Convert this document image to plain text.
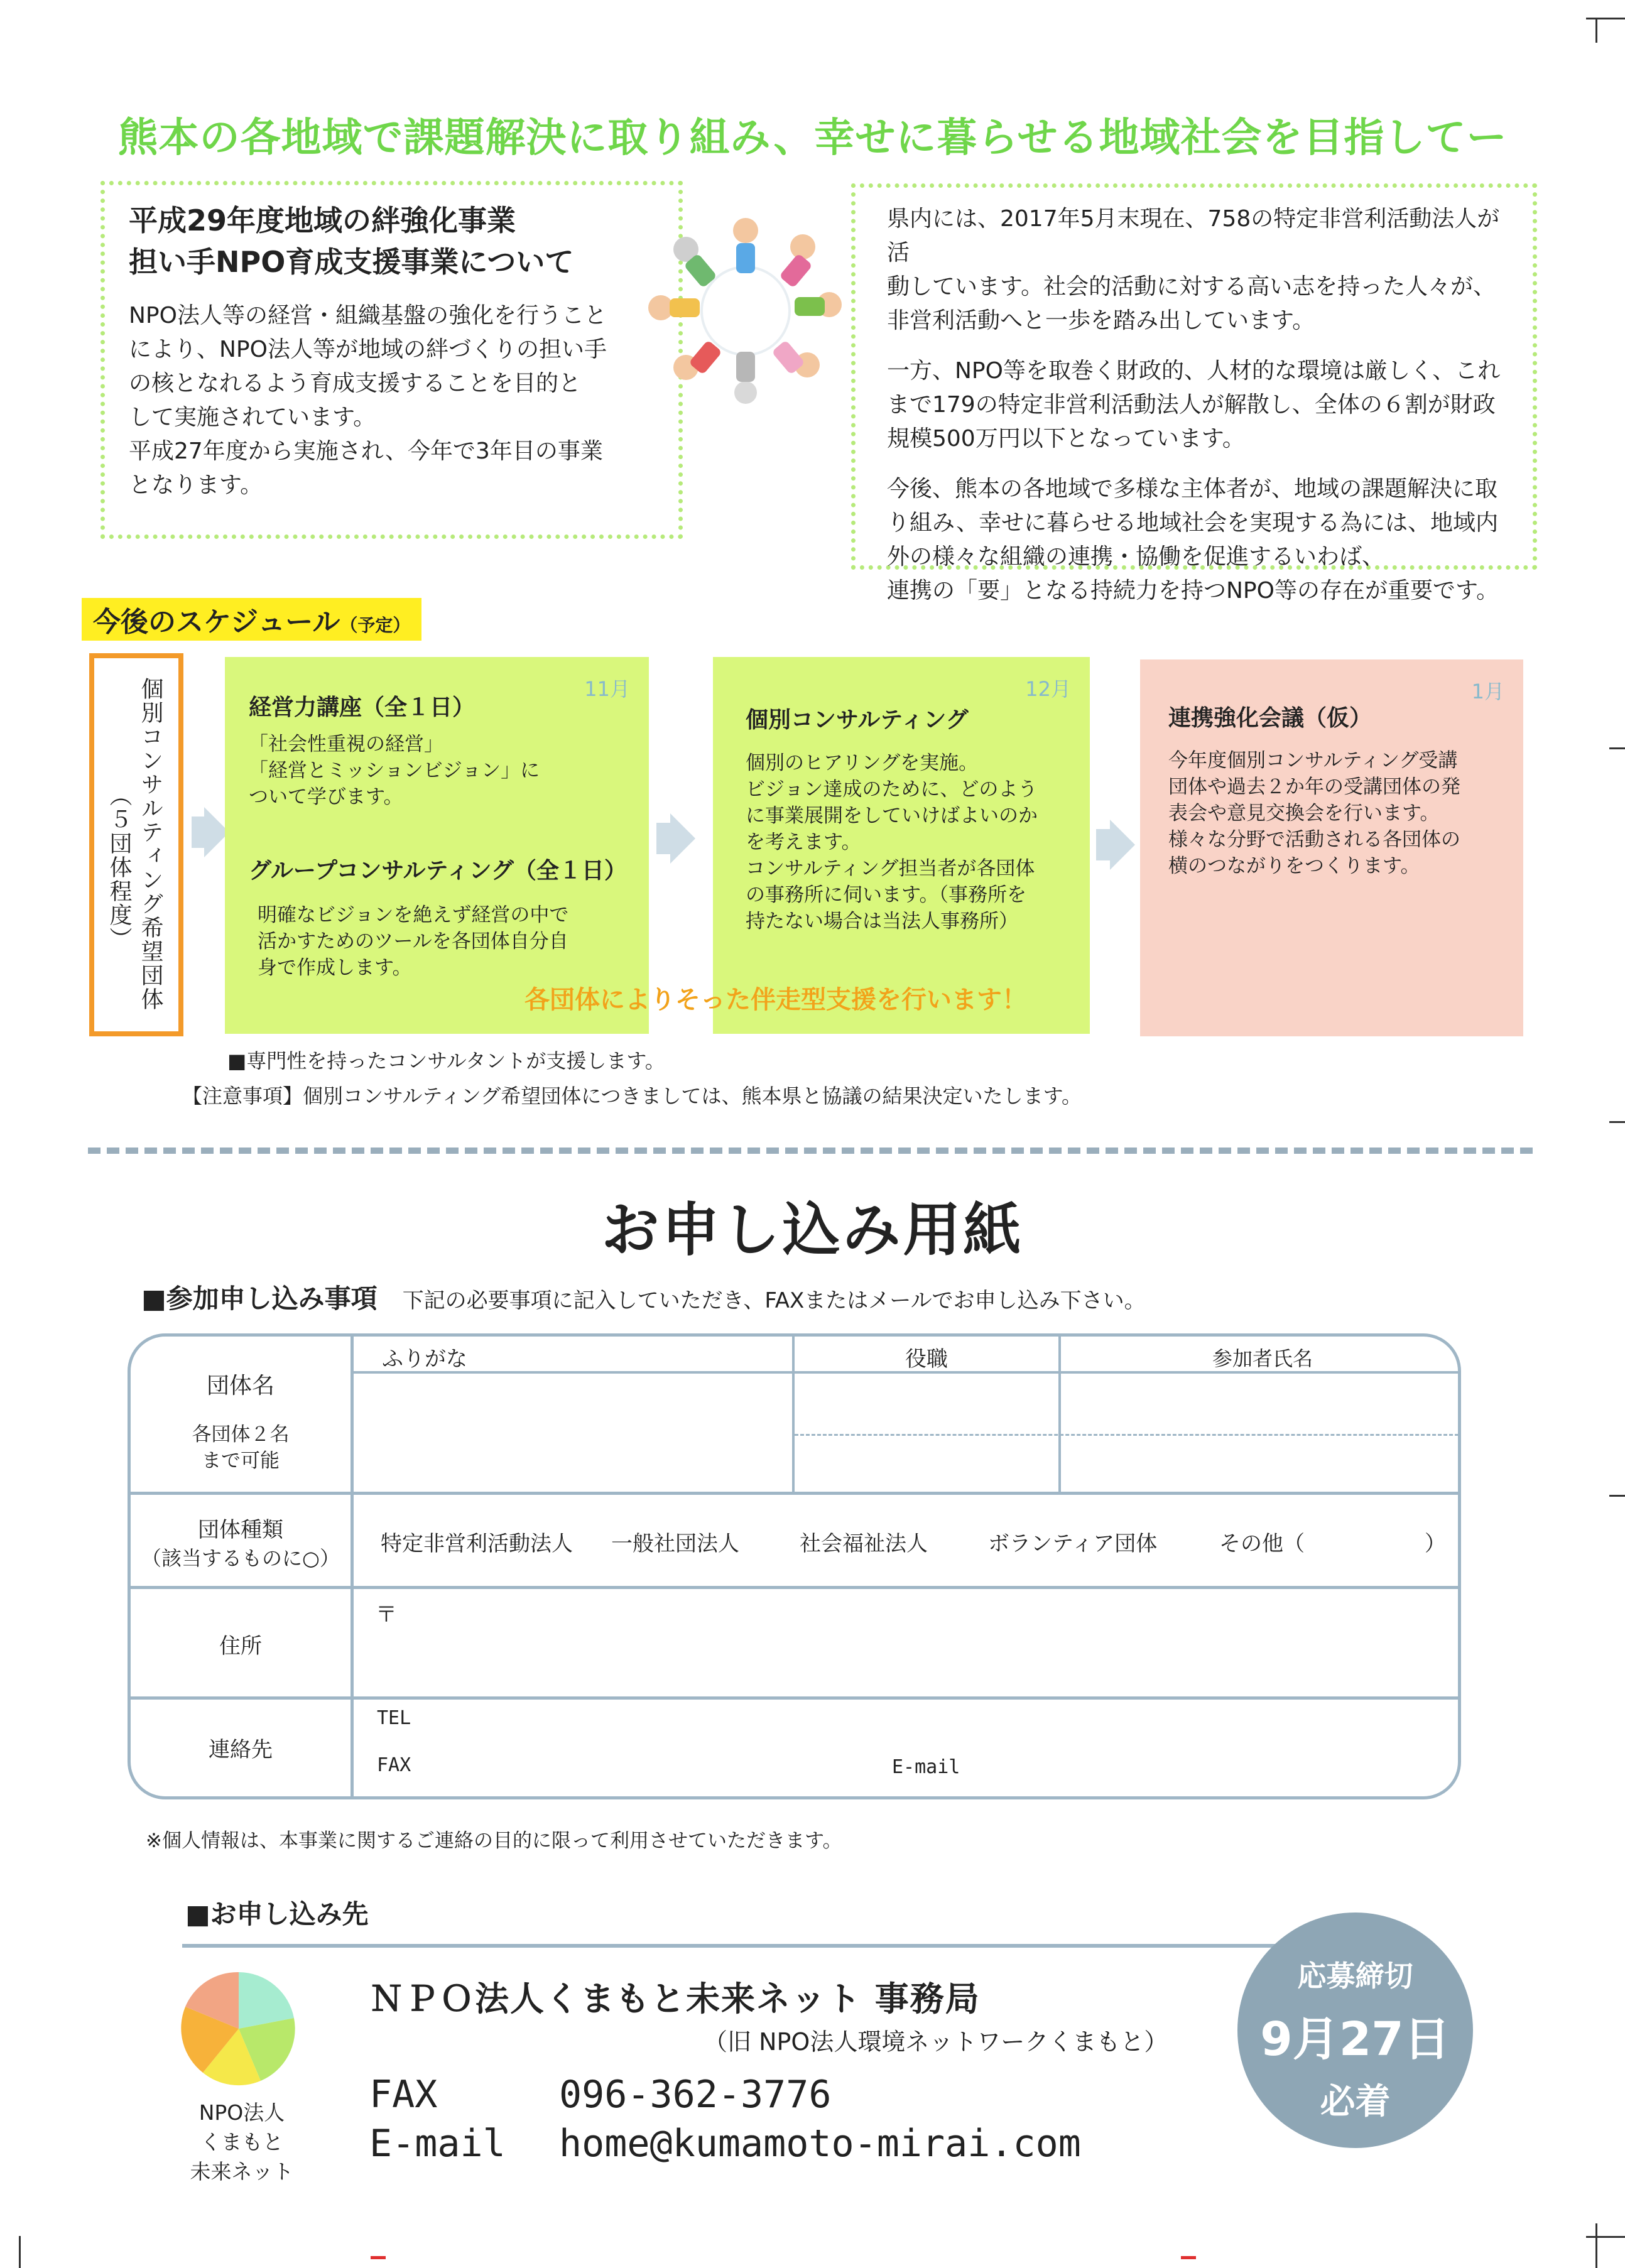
熊本の各地域で課題解決に取り組み、幸せに暮らせる地域社会を目指してー
平成29年度地域の絆強化事業
担い手NPO育成支援事業について
NPO法人等の経営・組織基盤の強化を行うこと
により、NPO法人等が地域の絆づくりの担い手
の核となれるよう育成支援することを目的と
して実施されています。
平成27年度から実施され、今年で3年目の事業
となります。
県内には、2017年5月末現在、758の特定非営利活動法人が活
動しています。社会的活動に対する高い志を持った人々が、
非営利活動へと一歩を踏み出しています。
一方、NPO等を取巻く財政的、人材的な環境は厳しく、これ
まで179の特定非営利活動法人が解散し、全体の６割が財政
規模500万円以下となっています。
今後、熊本の各地域で多様な主体者が、地域の課題解決に取
り組み、幸せに暮らせる地域社会を実現する為には、地域内
外の様々な組織の連携・協働を促進するいわば、
連携の「要」となる持続力を持つNPO等の存在が重要です。
今後のスケジュール（予定）
個別コンサルティング希望団体
（５団体程度）
11月
経営力講座（全１日）
「社会性重視の経営」
「経営とミッションビジョン」に
ついて学びます。
グループコンサルティング（全１日）
明確なビジョンを絶えず経営の中で
活かすためのツールを各団体自分自
身で作成します。
12月
個別コンサルティング
個別のヒアリングを実施。
ビジョン達成のために、どのよう
に事業展開をしていけばよいのか
を考えます。
コンサルティング担当者が各団体
の事務所に伺います。（事務所を
持たない場合は当法人事務所）
1月
連携強化会議（仮）
今年度個別コンサルティング受講
団体や過去２か年の受講団体の発
表会や意見交換会を行います。
様々な分野で活動される各団体の
横のつながりをつくります。
各団体によりそった伴走型支援を行います！
■専門性を持ったコンサルタントが支援します。
【注意事項】個別コンサルティング希望団体につきましては、熊本県と協議の結果決定いたします。
お申し込み用紙
■参加申し込み事項 下記の必要事項に記入していただき、FAXまたはメールでお申し込み下さい。
団体名
各団体２名
まで可能
ふりがな	役職	参加者氏名
団体種類
（該当するものに○）
特定非営利活動法人 一般社団法人	社会福祉法人	ボランティア団体	その他（	）
住所
〒
連絡先
TEL
FAX	E-mail
※個人情報は、本事業に関するご連絡の目的に限って利用させていただきます。
■お申し込み先
NPO法人
くまもと
未来ネット
ＮＰＯ法人くまもと未来ネット 事務局
（旧 NPO法人環境ネットワークくまもと）
FAX	096-362-3776
E-mail home@kumamoto-mirai.com
応募締切
9月27日
必着
